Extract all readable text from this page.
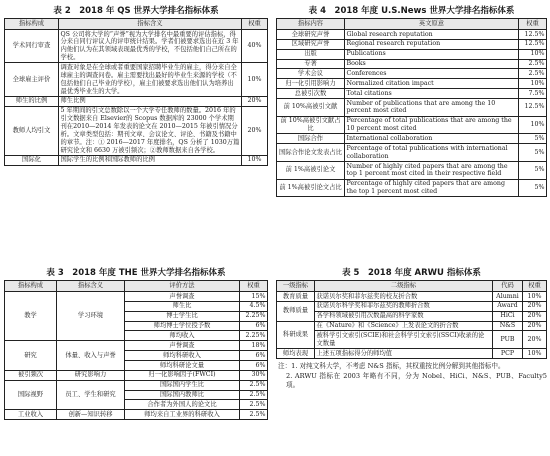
表 2　2018 年 QS 世界大学排名指标体系
指标构成	指标含义	权重
学术同行审查	QS 公司将大学的“声誉”视为大学排名中最重要的评估指标，得分来自同行评议人的评审统计结果。学者们被要求选出在近 3 年内他们认为在其领域表现最优秀的学校，不包括他们自己所在的学校。	40%
全球雇主评价	调查对象是在全球或者重要国家招聘毕业生的雇主，得分来自全球雇主的调查问卷。雇主需要找出最好的毕业生来源的学校（不包括他们自己毕业的学校），雇主们被要求选出他们认为培养出最优秀毕业生的大学。	10%
师生的比例	师生比例	20%
教师人均引文	5 年期间的引文总数除以一个大学专任教师的数量。2016 年的引文数据来自 Elsevier的 Scopus 数据库的 23000 个学术期刊在2010—2014 年发表的论文在 2010—2015 年被引情况分析。文章类型包括：期刊文章、会议论文、评论、书籍及书籍中的章节。注：① 2016—2017 年度排名，QS 分析了 1030万篇研究论文和 6630 万被引频次；②教师数据来自各学校。	20%
国际化	国际学生的比例和国际教师的比例	10%
表 4　2018 年度 U.S.News 世界大学排名指标体系
指标内容	英文原意	权重
全球研究声誉	Global research reputation	12.5%
区域研究声誉	Regional research reputation	12.5%
出版	Publications	10%
专著	Books	2.5%
学术会议	Conferences	2.5%
归一化引用影响力	Normalized citation impact	10%
总被引次数	Total citations	7.5%
前 10%高被引文献	Number of publications that are among the 10 percent most cited	12.5%
前 10%高被引文献占比	Percentage of total publications that are among the 10 percent most cited	10%
国际合作	International collaboration	5%
国际合作论文发表占比	Percentage of total publications with international collaboration	5%
前 1%高被引论文	Number of highly cited papers that are among the top 1 percent most cited in their respective field	5%
前 1%高被引论文占比	Percentage of highly cited papers that are among the top 1 percent most cited	5%
表 3　2018 年度 THE 世界大学排名指标体系
指标构成	指标含义	评价方法	权重
教学	学习环境	声誉调查	15%
		师生比	4.5%
		博士学生比	2.25%
		师均博士学位授予数	6%
		师均收入	2.25%
研究	体量、收入与声誉	声誉调查	18%
		师均科研收入	6%
		师均科研论文量	6%
被引频次	研究影响力	归一化影响因子(FWCI)	30%
国际视野	员工、学生和研究	国际国内学生比	2.5%
		国际国内教师比	2.5%
		合作者为外国人的论文比	2.5%
工业收入	创新—知识转移	师均来自工业界的科研收入	2.5%
表 5　2018 年度 ARWU 指标体系
一级指标	二级指标	代码	权重
教育质量	获诺贝尔奖和菲尔兹奖的校友折合数	Alumni	10%
教师质量	获诺贝尔科学奖和菲尔兹奖的教师折合数	Award	20%
	各学科领域被引用次数最高的科学家数	HiCi	20%
科研成果	在《Nature》和《Science》上发表论文的折合数	N&S	20%
	被科学引文索引(SCIE)和社会科学引文索引(SSCI)收录的论文数量	PUB	20%
师均表现	上述五项指标得分的师均值	PCP	10%
注：1. 对纯文科大学，不考虑 N&S 指标，其权重按比例分解到其他指标中。
2. ARWU 指标在 2003 年略有不同，分为 Nobel、HiCi、N&S、PUB、Faculty5 项。
